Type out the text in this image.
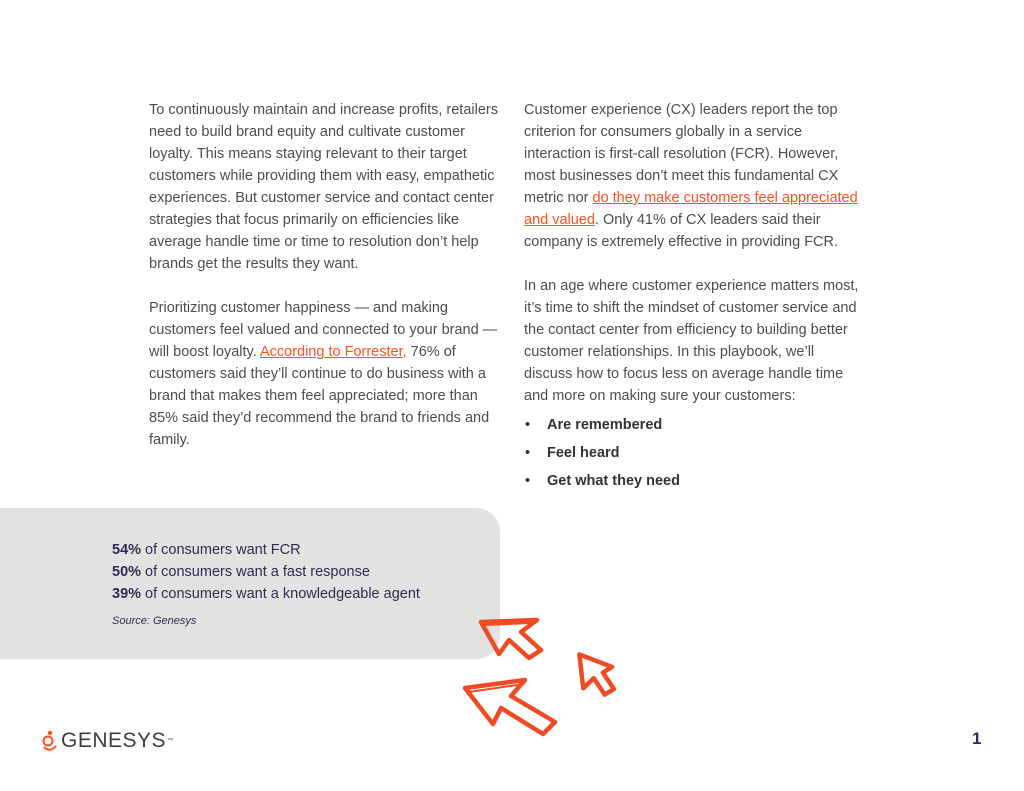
To continuously maintain and increase profits, retailers need to build brand equity and cultivate customer loyalty. This means staying relevant to their target customers while providing them with easy, empathetic experiences. But customer service and contact center strategies that focus primarily on efficiencies like average handle time or time to resolution don’t help brands get the results they want.

Prioritizing customer happiness — and making customers feel valued and connected to your brand — will boost loyalty. According to Forrester, 76% of customers said they’ll continue to do business with a brand that makes them feel appreciated; more than 85% said they’d recommend the brand to friends and family.

Customer experience (CX) leaders report the top criterion for consumers globally in a service interaction is first-call resolution (FCR). However, most businesses don’t meet this fundamental CX metric nor do they make customers feel appreciated and valued. Only 41% of CX leaders said their company is extremely effective in providing FCR.

In an age where customer experience matters most, it’s time to shift the mindset of customer service and the contact center from efficiency to building better customer relationships. In this playbook, we’ll discuss how to focus less on average handle time and more on making sure your customers:

• Are remembered
• Feel heard
• Get what they need
54% of consumers want FCR
50% of consumers want a fast response
39% of consumers want a knowledgeable agent
Source: Genesys
GENESYS ™	1
